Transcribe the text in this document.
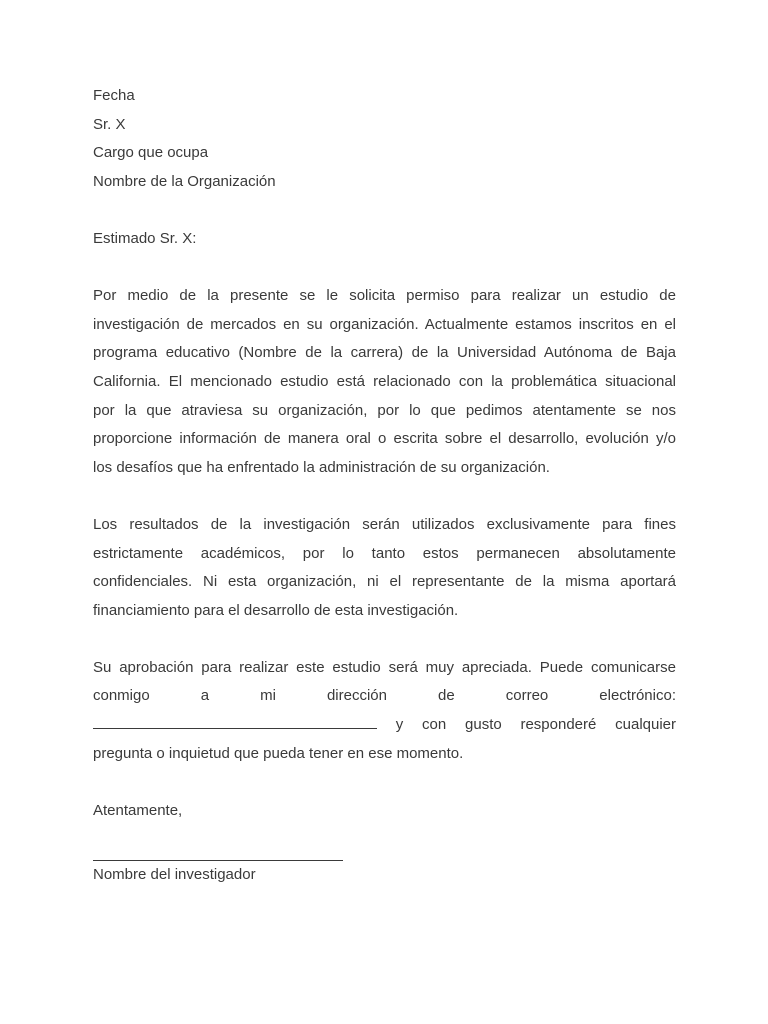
Fecha

Sr. X

Cargo que ocupa

Nombre de la Organización

Estimado Sr. X:

Por medio de la presente se le solicita permiso para realizar un estudio de
investigación de mercados en su organización. Actualmente estamos inscritos en el
programa educativo (Nombre de la carrera) de la Universidad Autónoma de Baja
California. El mencionado estudio está relacionado con la problemática situacional
por la que atraviesa su organización, por lo que pedimos atentamente se nos
proporcione información de manera oral o escrita sobre el desarrollo, evolución y/o
los desafíos que ha enfrentado la administración de su organización.
Los resultados de la investigación serán utilizados exclusivamente para fines
estrictamente académicos, por lo tanto estos permanecen absolutamente
confidenciales. Ni esta organización, ni el representante de la misma aportará
financiamiento para el desarrollo de esta investigación.
Su aprobación para realizar este estudio será muy apreciada. Puede comunicarse
conmigo a mi dirección de correo electrónico:
y con gusto responderé cualquier
pregunta o inquietud que pueda tener en ese momento.

Atentamente,

Nombre del investigador
